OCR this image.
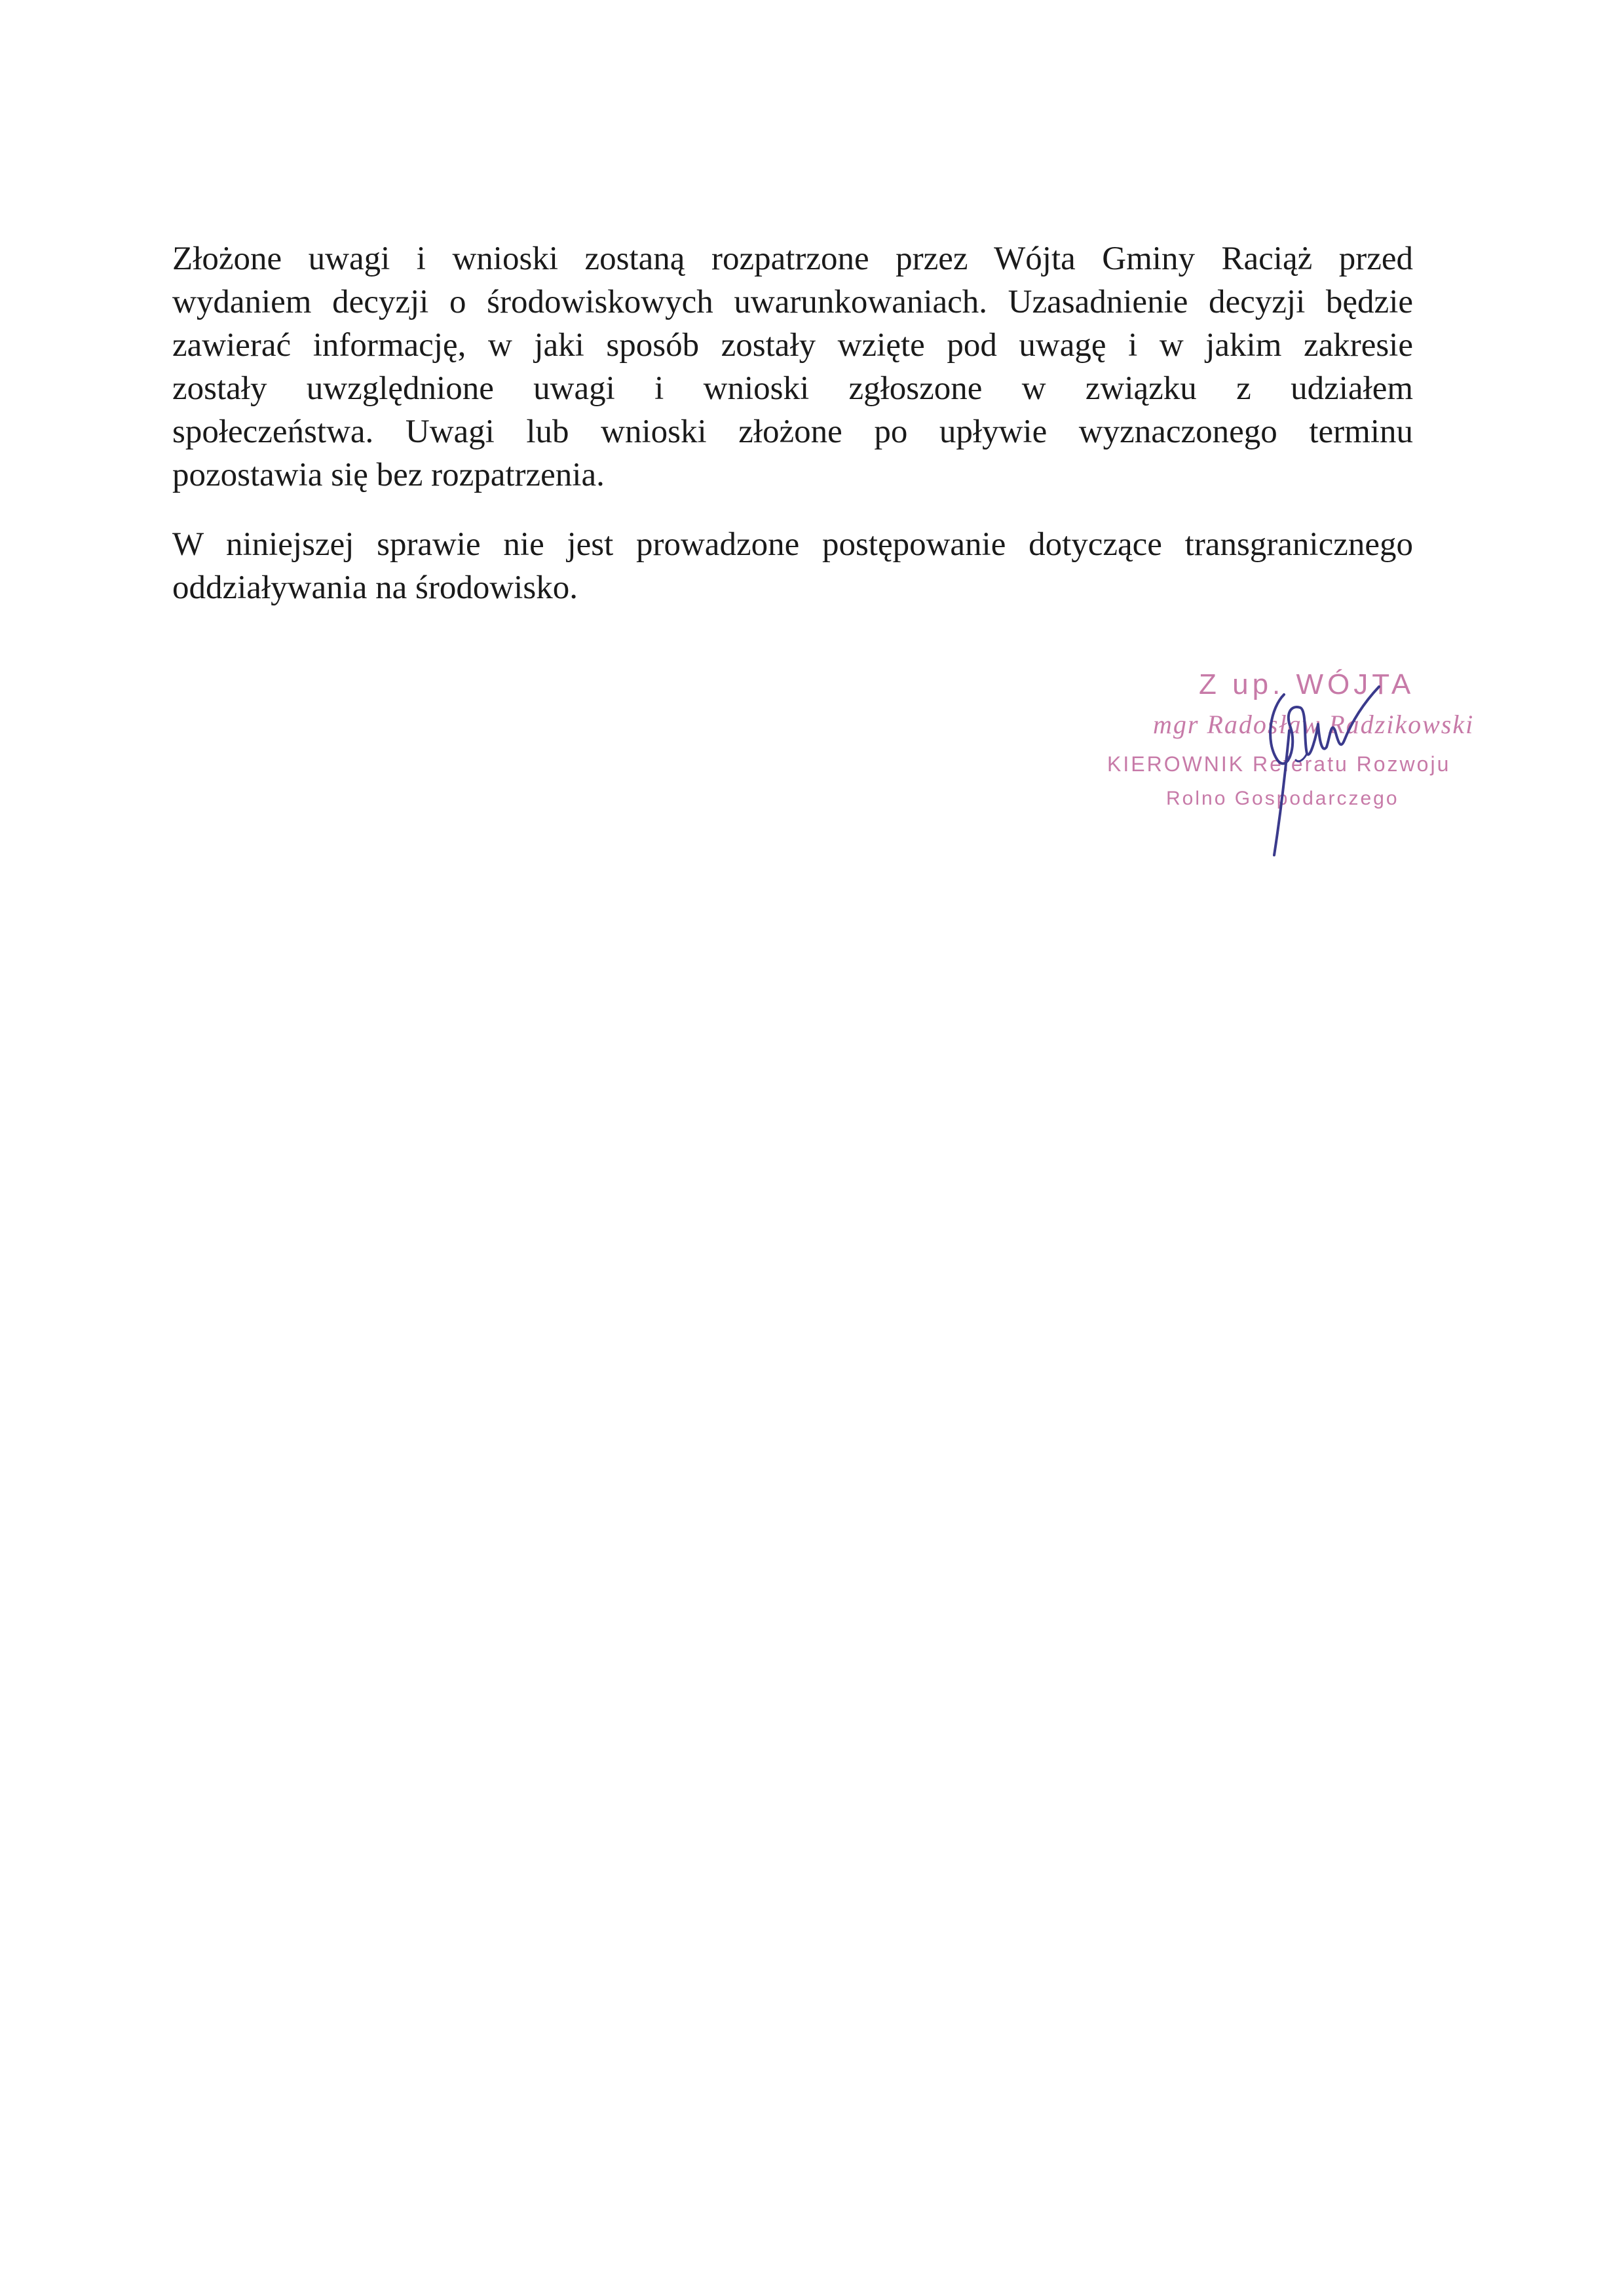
Złożone uwagi i wnioski zostaną rozpatrzone przez Wójta Gminy Raciąż przed
wydaniem decyzji o środowiskowych uwarunkowaniach. Uzasadnienie decyzji będzie
zawierać informację, w jaki sposób zostały wzięte pod uwagę i w jakim zakresie
zostały uwzględnione uwagi i wnioski zgłoszone w związku z udziałem
społeczeństwa. Uwagi lub wnioski złożone po upływie wyznaczonego terminu
pozostawia się bez rozpatrzenia.
W niniejszej sprawie nie jest prowadzone postępowanie dotyczące transgranicznego
oddziaływania na środowisko.
Z up. WÓJTA
mgr Radosław Radzikowski
KIEROWNIK Referatu Rozwoju
Rolno Gospodarczego
